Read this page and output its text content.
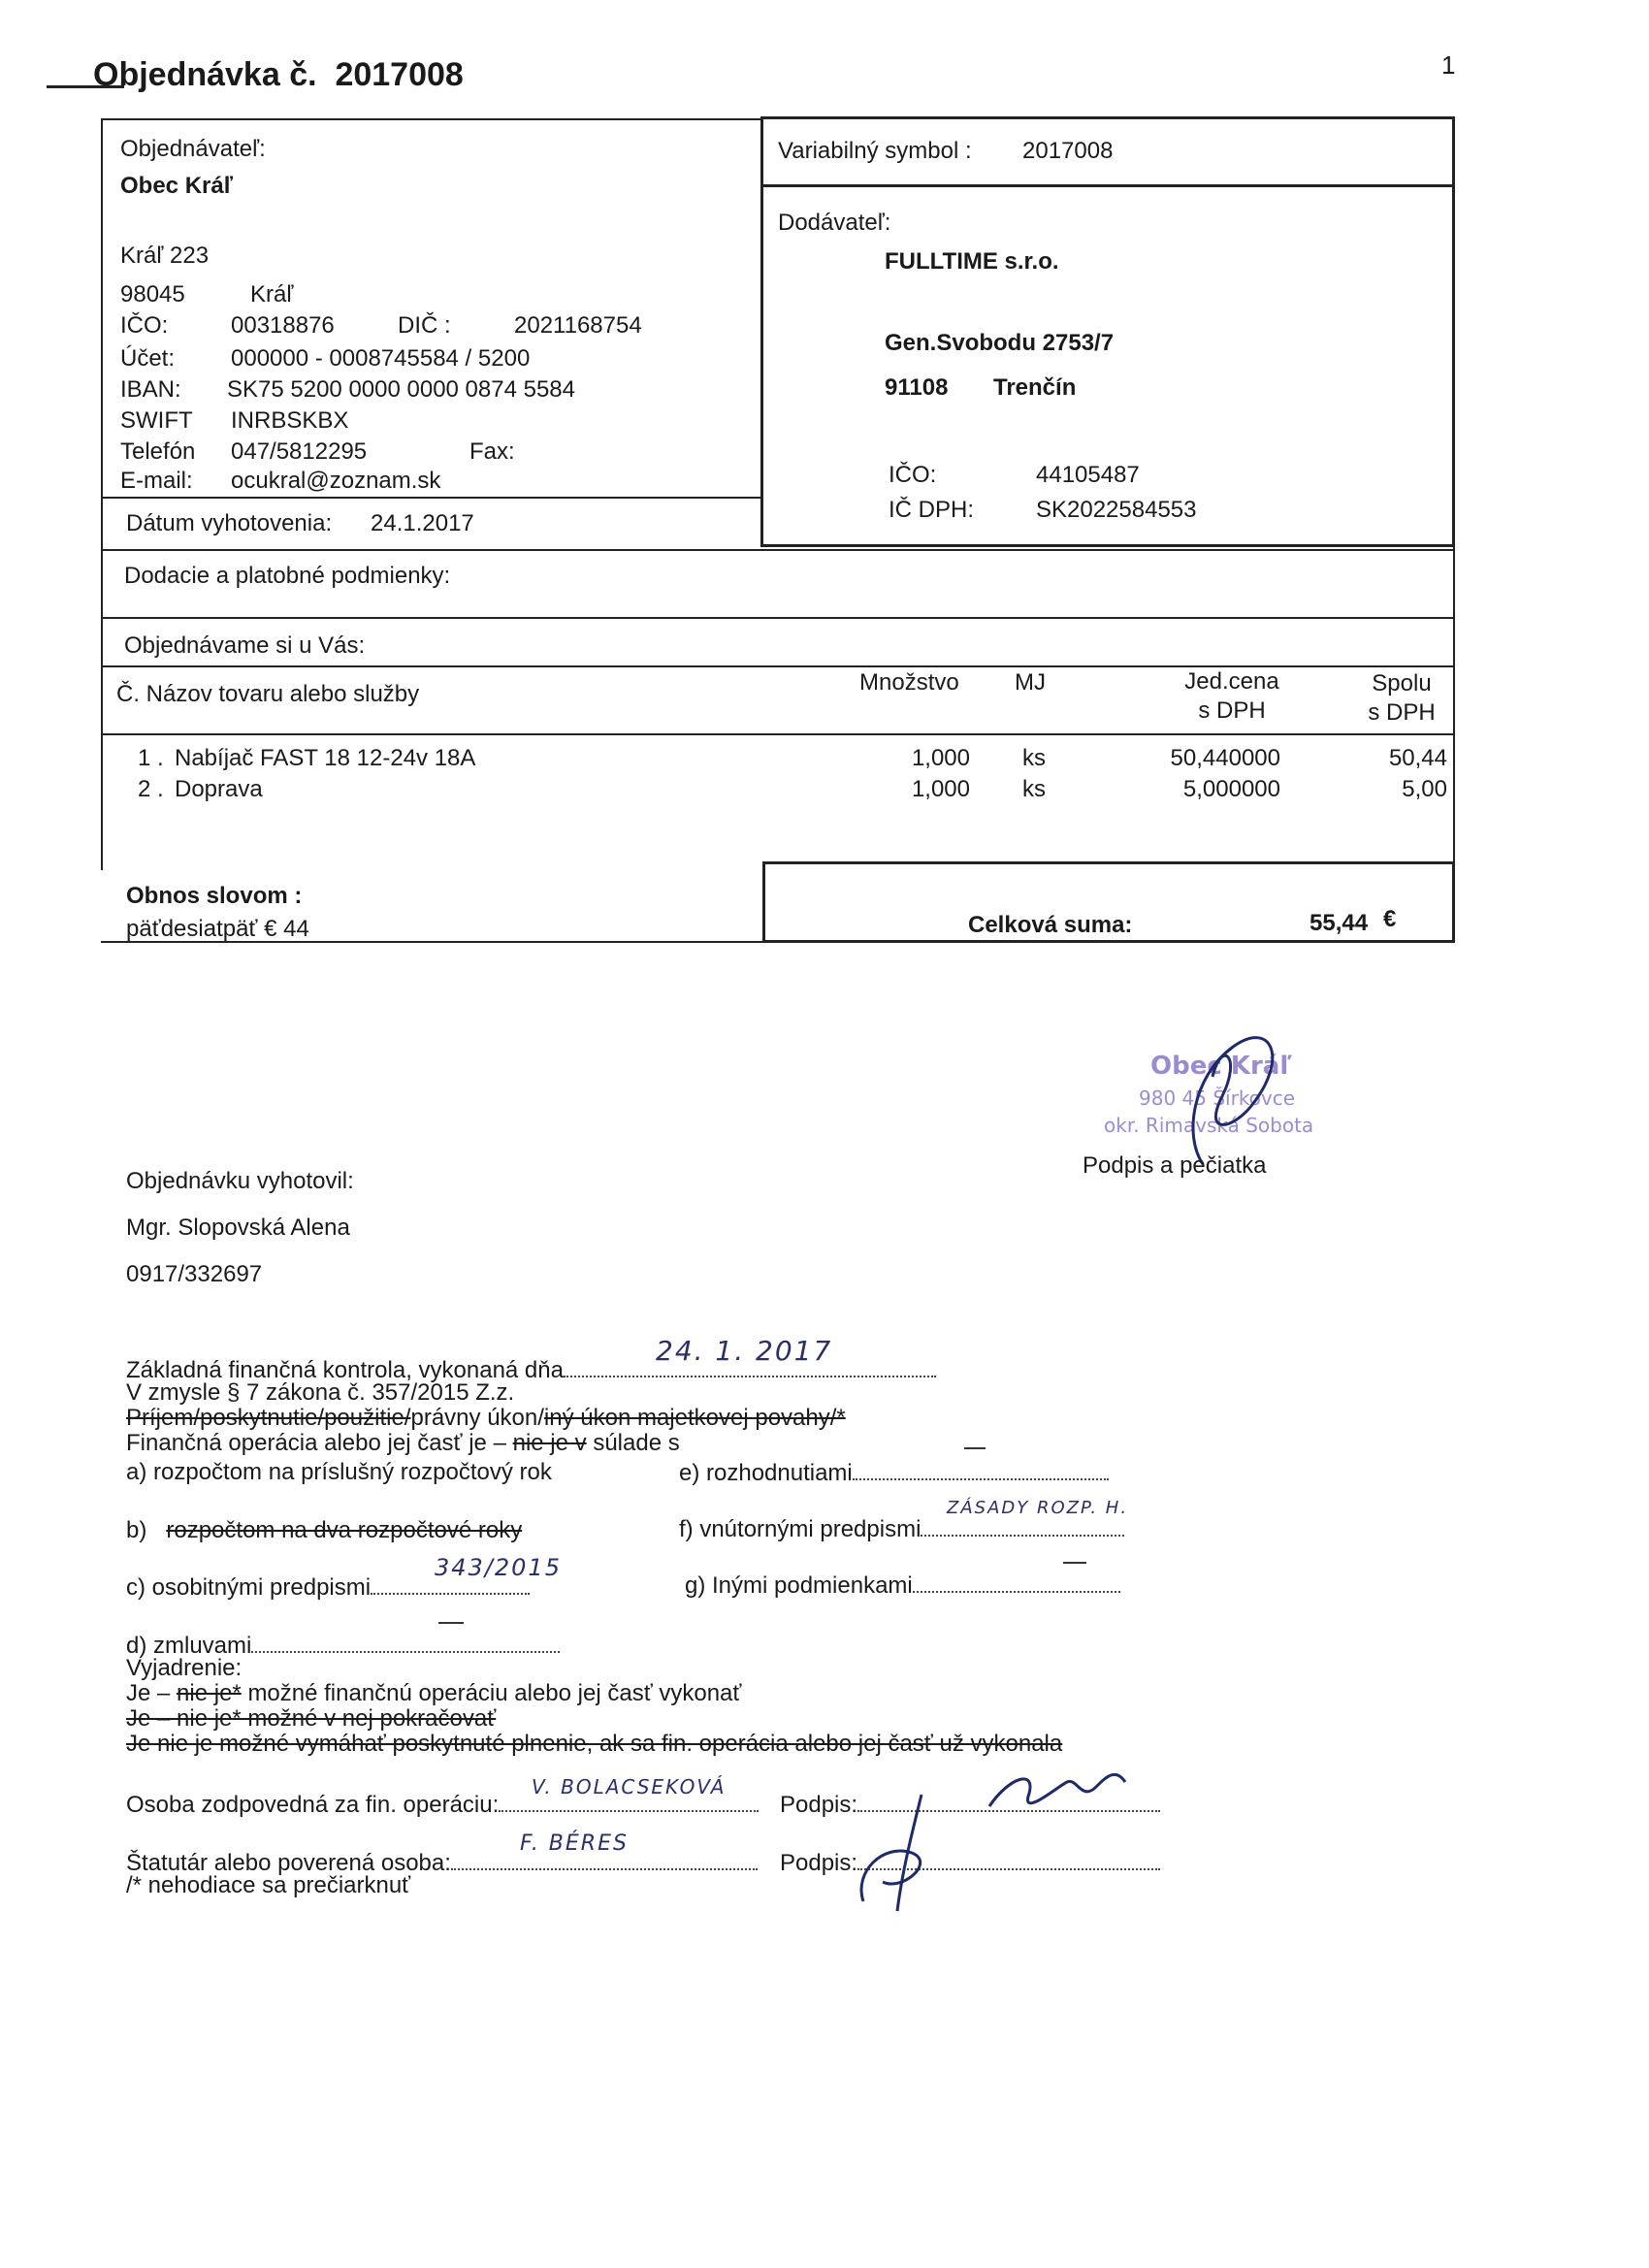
Objednávka č. 2017008	1
Objednávateľ:
Obec Kráľ
Kráľ 223
98045	Kráľ
IČO:	00318876	DIČ :	2021168754
Účet: 000000 - 0008745584 / 5200
IBAN: SK75 5200 0000 0000 0874 5584
SWIFT INRBSKBX
Telefón 047/5812295	Fax:
E-mail: ocukral@zoznam.sk
Dátum vyhotovenia: 24.1.2017
Variabilný symbol : 2017008
Dodávateľ:
FULLTIME s.r.o.
Gen.Svobodu 2753/7
91108 Trenčín
IČO:	44105487
IČ DPH:	SK2022584553
Dodacie a platobné podmienky:
Objednávame si u Vás:
Č. Názov tovaru alebo služby	Množstvo MJ	Jed.cena
s DPH
Spolu
s DPH
1 . Nabíjač FAST 18 12-24v 18A	1,000 ks	50,440000	50,44
2 . Doprava	1,000 ks	5,000000	5,00
Obnos slovom :
päťdesiatpäť € 44	Celková suma:	55,44 €
Obec Kráľ
980 45 Šírkovce
okr. Rimavská Sobota
Podpis a pečiatka
Objednávku vyhotovil:
Mgr. Slopovská Alena
0917/332697
Základná finančná kontrola, vykonaná dňa
24. 1. 2017
V zmysle § 7 zákona č. 357/2015 Z.z.
Príjem/poskytnutie/použitie/právny úkon/iný úkon majetkovej povahy/*
Finančná operácia alebo jej časť je – nie je v súlade s
a) rozpočtom na príslušný rozpočtový rok	e) rozhodnutiami
b) rozpočtom na dva rozpočtové roky	f) vnútornými predpismi
ZÁSADY ROZP. H.
c) osobitnými predpismi
343/2015
g) Inými podmienkami
d) zmluvami
Vyjadrenie:
Je – nie je* možné finančnú operáciu alebo jej časť vykonať
Je – nie je* možné v nej pokračovať
Je nie je možné vymáhať poskytnuté plnenie, ak sa fin. operácia alebo jej časť už vykonala
Osoba zodpovedná za fin. operáciu:
V. BOLACSEKOVÁ
Podpis:
Štatutár alebo poverená osoba:
F. BÉRES
Podpis:
/* nehodiace sa prečiarknuť
